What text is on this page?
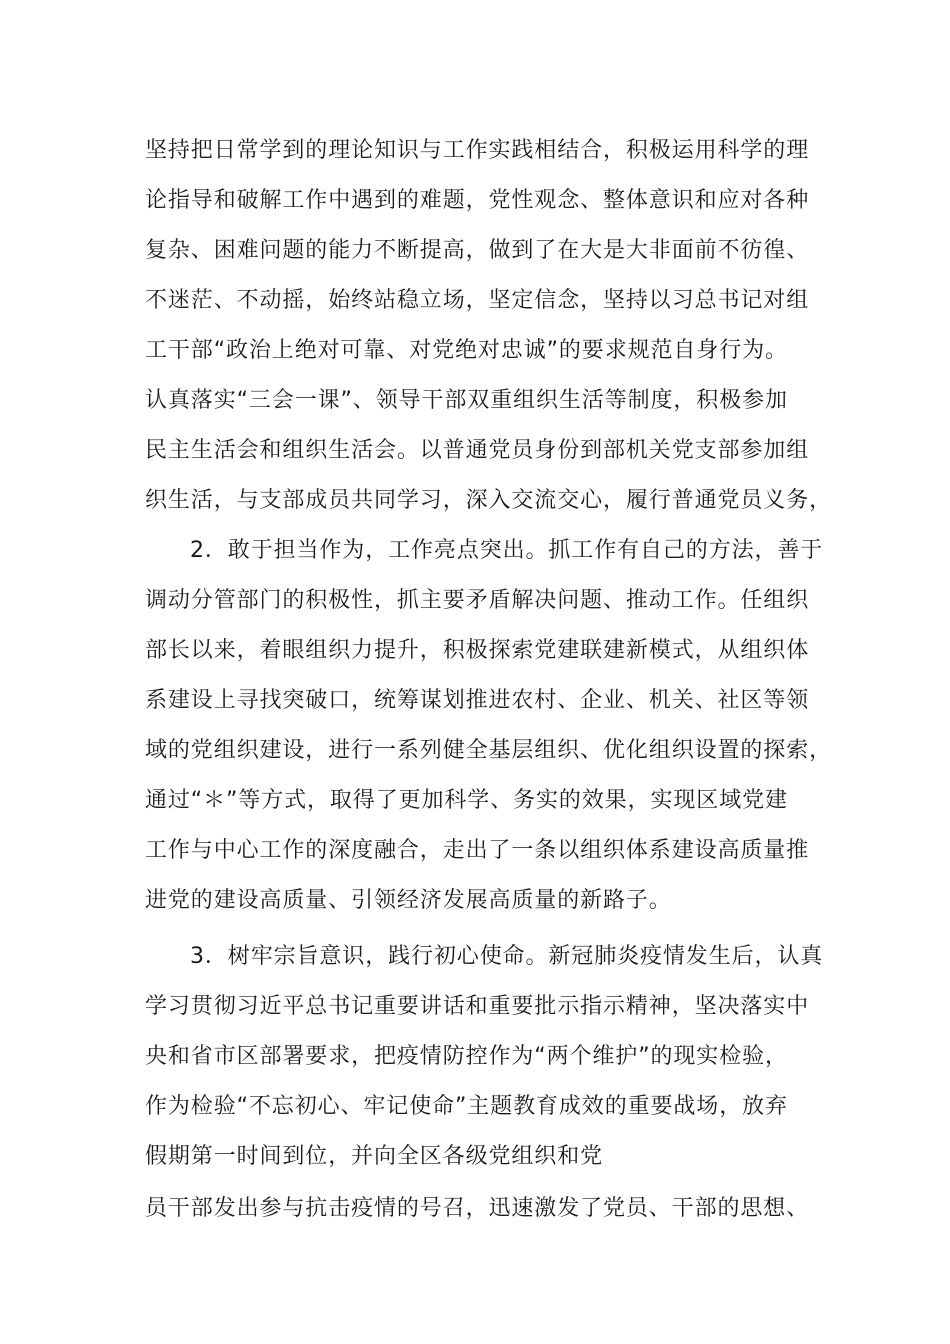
坚持把日常学到的理论知识与工作实践相结合，积极运用科学的理
论指导和破解工作中遇到的难题，党性观念、整体意识和应对各种
复杂、困难问题的能力不断提高，做到了在大是大非面前不彷徨、
不迷茫、不动摇，始终站稳立场，坚定信念，坚持以习总书记对组
工干部“政治上绝对可靠、对党绝对忠诚”的要求规范自身行为。
认真落实“三会一课”、领导干部双重组织生活等制度，积极参加
民主生活会和组织生活会。以普通党员身份到部机关党支部参加组
织生活，与支部成员共同学习，深入交流交心，履行普通党员义务，
2．敢于担当作为，工作亮点突出。抓工作有自己的方法，善于
调动分管部门的积极性，抓主要矛盾解决问题、推动工作。任组织
部长以来，着眼组织力提升，积极探索党建联建新模式，从组织体
系建设上寻找突破口，统筹谋划推进农村、企业、机关、社区等领
域的党组织建设，进行一系列健全基层组织、优化组织设置的探索，
通过“＊”等方式，取得了更加科学、务实的效果，实现区域党建
工作与中心工作的深度融合，走出了一条以组织体系建设高质量推
进党的建设高质量、引领经济发展高质量的新路子。
3．树牢宗旨意识，践行初心使命。新冠肺炎疫情发生后，认真
学习贯彻习近平总书记重要讲话和重要批示指示精神，坚决落实中
央和省市区部署要求，把疫情防控作为“两个维护”的现实检验，
作为检验“不忘初心、牢记使命”主题教育成效的重要战场，放弃
假期第一时间到位，并向全区各级党组织和党
员干部发出参与抗击疫情的号召，迅速激发了党员、干部的思想、
